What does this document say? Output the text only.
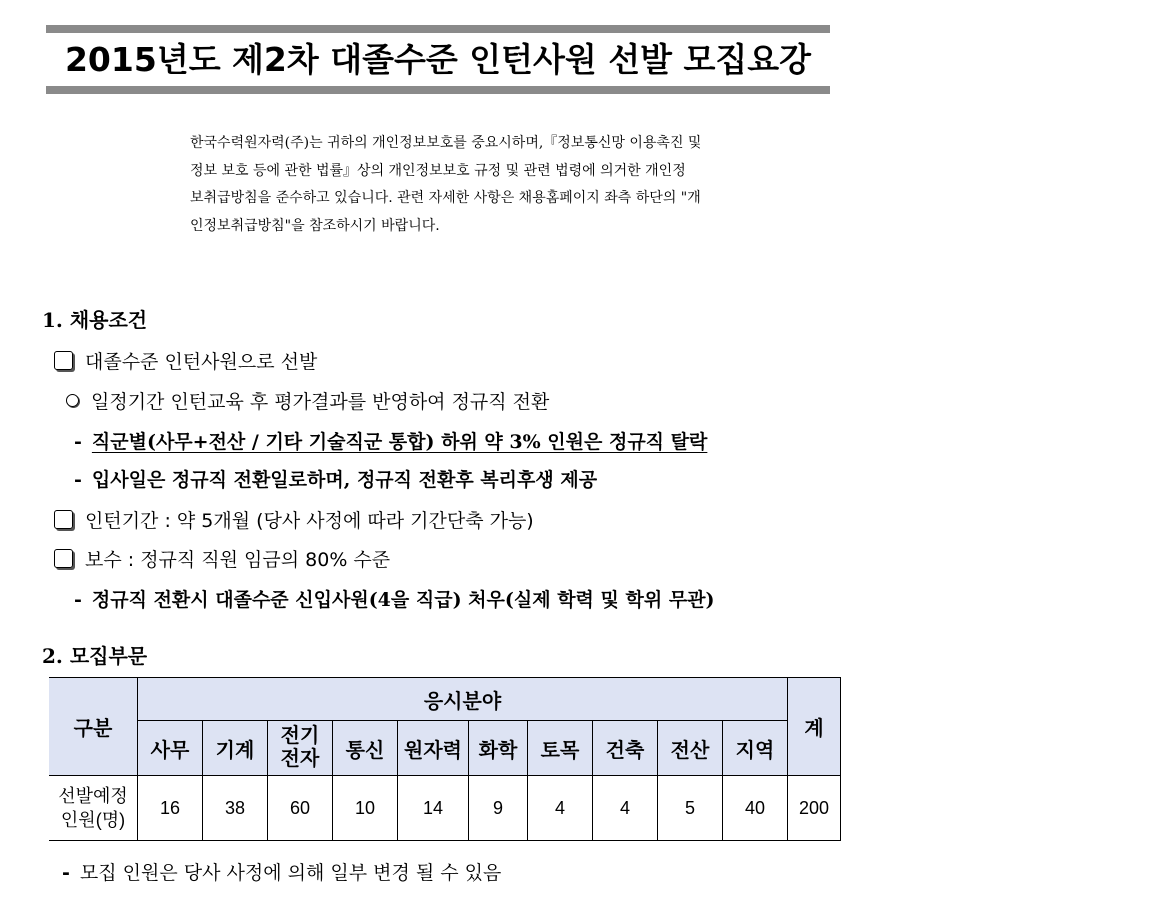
2015년도 제2차 대졸수준 인턴사원 선발 모집요강
한국수력원자력(주)는 귀하의 개인정보보호를 중요시하며,『정보통신망 이용촉진 및
정보 보호 등에 관한 법률』상의 개인정보보호 규정 및 관련 법령에 의거한 개인정
보취급방침을 준수하고 있습니다. 관련 자세한 사항은 채용홈페이지 좌측 하단의 "개
인정보취급방침"을 참조하시기 바랍니다.
1. 채용조건
대졸수준 인턴사원으로 선발
일정기간 인턴교육 후 평가결과를 반영하여 정규직 전환
- 직군별(사무+전산 / 기타 기술직군 통합) 하위 약 3% 인원은 정규직 탈락
- 입사일은 정규직 전환일로하며, 정규직 전환후 복리후생 제공
인턴기간 : 약 5개월 (당사 사정에 따라 기간단축 가능)
보수 : 정규직 직원 임금의 80% 수준
- 정규직 전환시 대졸수준 신입사원(4을 직급) 처우(실제 학력 및 학위 무관)
2. 모집부문
구분	응시분야										계
	사무	기계	전기
전자	통신	원자력	화학	토목	건축	전산	지역	
선발예정
인원(명)	16	38	60	10	14	9	4	4	5	40	200
- 모집 인원은 당사 사정에 의해 일부 변경 될 수 있음
